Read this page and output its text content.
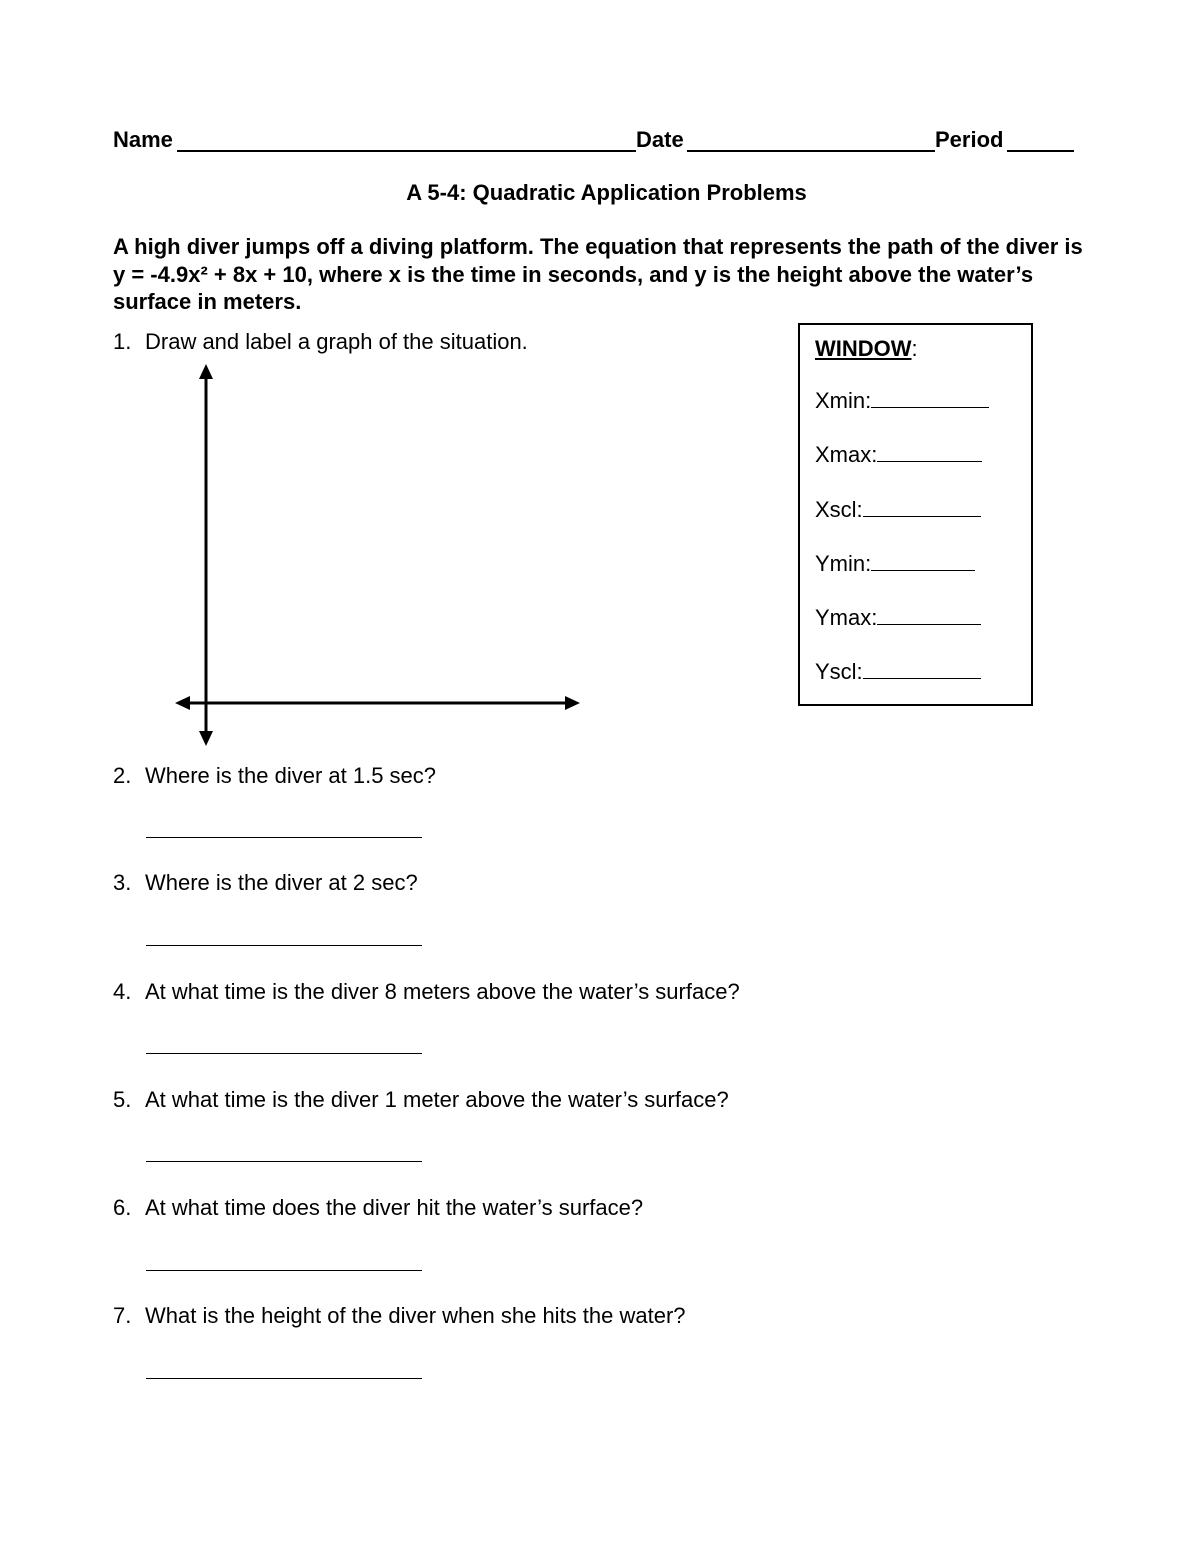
Name	Date	Period
A 5-4: Quadratic Application Problems
A high diver jumps off a diving platform. The equation that represents the path of the diver is y = -4.9x² + 8x + 10, where x is the time in seconds, and y is the height above the water’s surface in meters.
1. Draw and label a graph of the situation.	WINDOW:
Xmin:
Xmax:
Xscl:
Ymin:
Ymax:
Yscl:
2. Where is the diver at 1.5 sec?
3. Where is the diver at 2 sec?
4. At what time is the diver 8 meters above the water’s surface?
5. At what time is the diver 1 meter above the water’s surface?
6. At what time does the diver hit the water’s surface?
7. What is the height of the diver when she hits the water?
